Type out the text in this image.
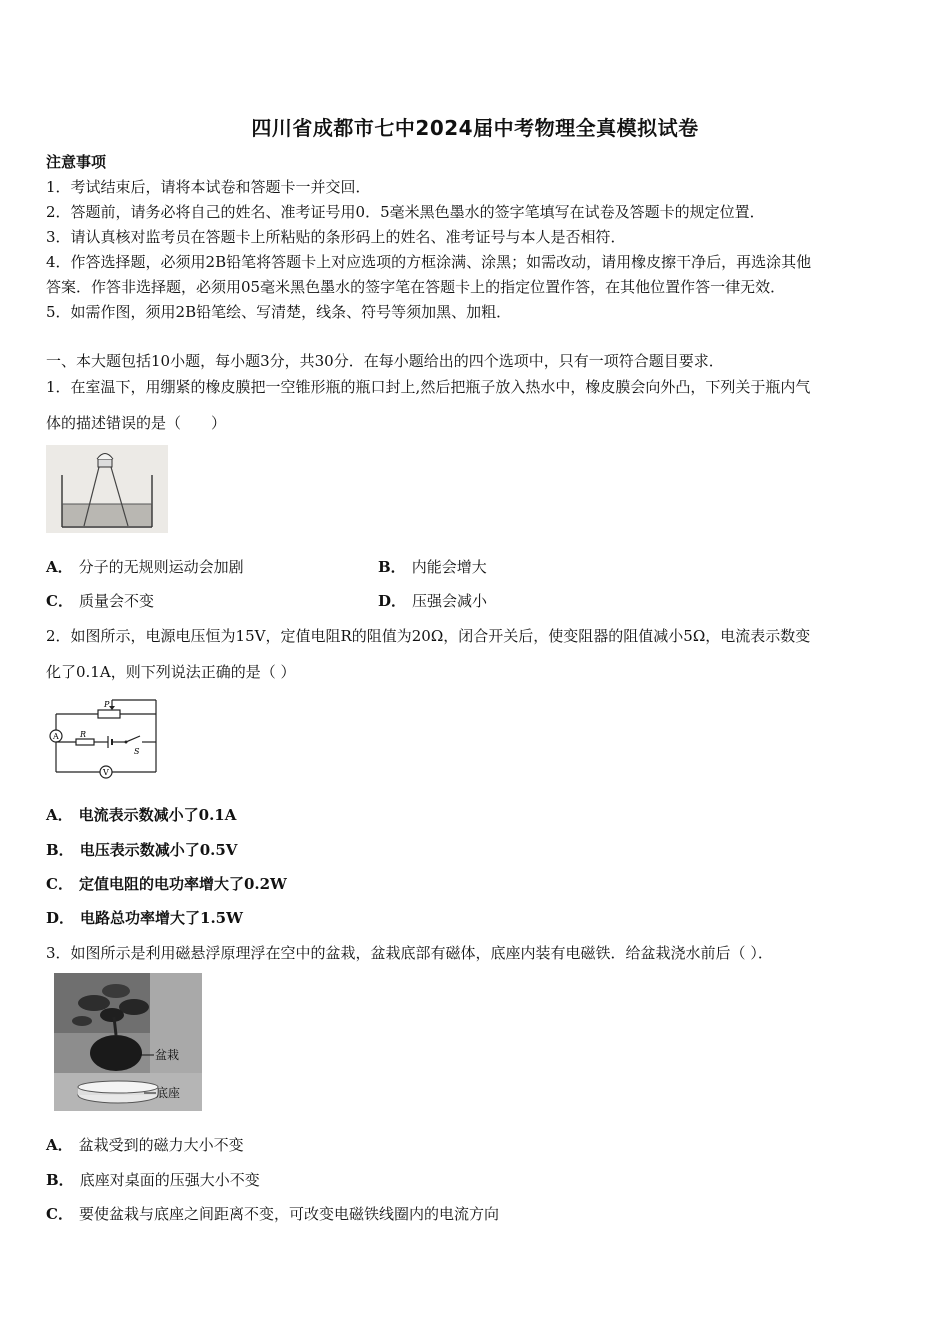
四川省成都市七中2024届中考物理全真模拟试卷
注意事项
1．考试结束后，请将本试卷和答题卡一并交回．
2．答题前，请务必将自己的姓名、准考证号用0．5毫米黑色墨水的签字笔填写在试卷及答题卡的规定位置．
3．请认真核对监考员在答题卡上所粘贴的条形码上的姓名、准考证号与本人是否相符．
4．作答选择题，必须用2B铅笔将答题卡上对应选项的方框涂满、涂黑；如需改动，请用橡皮擦干净后，再选涂其他
答案．作答非选择题，必须用05毫米黑色墨水的签字笔在答题卡上的指定位置作答，在其他位置作答一律无效．
5．如需作图，须用2B铅笔绘、写清楚，线条、符号等须加黑、加粗．
一、本大题包括10小题，每小题3分，共30分．在每小题给出的四个选项中，只有一项符合题目要求．
1．在室温下，用绷紧的橡皮膜把一空锥形瓶的瓶口封上,然后把瓶子放入热水中，橡皮膜会向外凸，下列关于瓶内气
体的描述错误的是（　　）
A． 分子的无规则运动会加剧	B． 内能会增大
C． 质量会不变	D． 压强会减小
2．如图所示，电源电压恒为15V，定值电阻R的阻值为20Ω，闭合开关后，使变阻器的阻值减小5Ω，电流表示数变
化了0.1A，则下列说法正确的是（ ）
P
A	R
S
V
A． 电流表示数减小了0.1A
B． 电压表示数减小了0.5V
C． 定值电阻的电功率增大了0.2W
D． 电路总功率增大了1.5W
3．如图所示是利用磁悬浮原理浮在空中的盆栽，盆栽底部有磁体，底座内装有电磁铁．给盆栽浇水前后（ ）．
盆栽
底座
A． 盆栽受到的磁力大小不变
B． 底座对桌面的压强大小不变
C． 要使盆栽与底座之间距离不变，可改变电磁铁线圈内的电流方向
